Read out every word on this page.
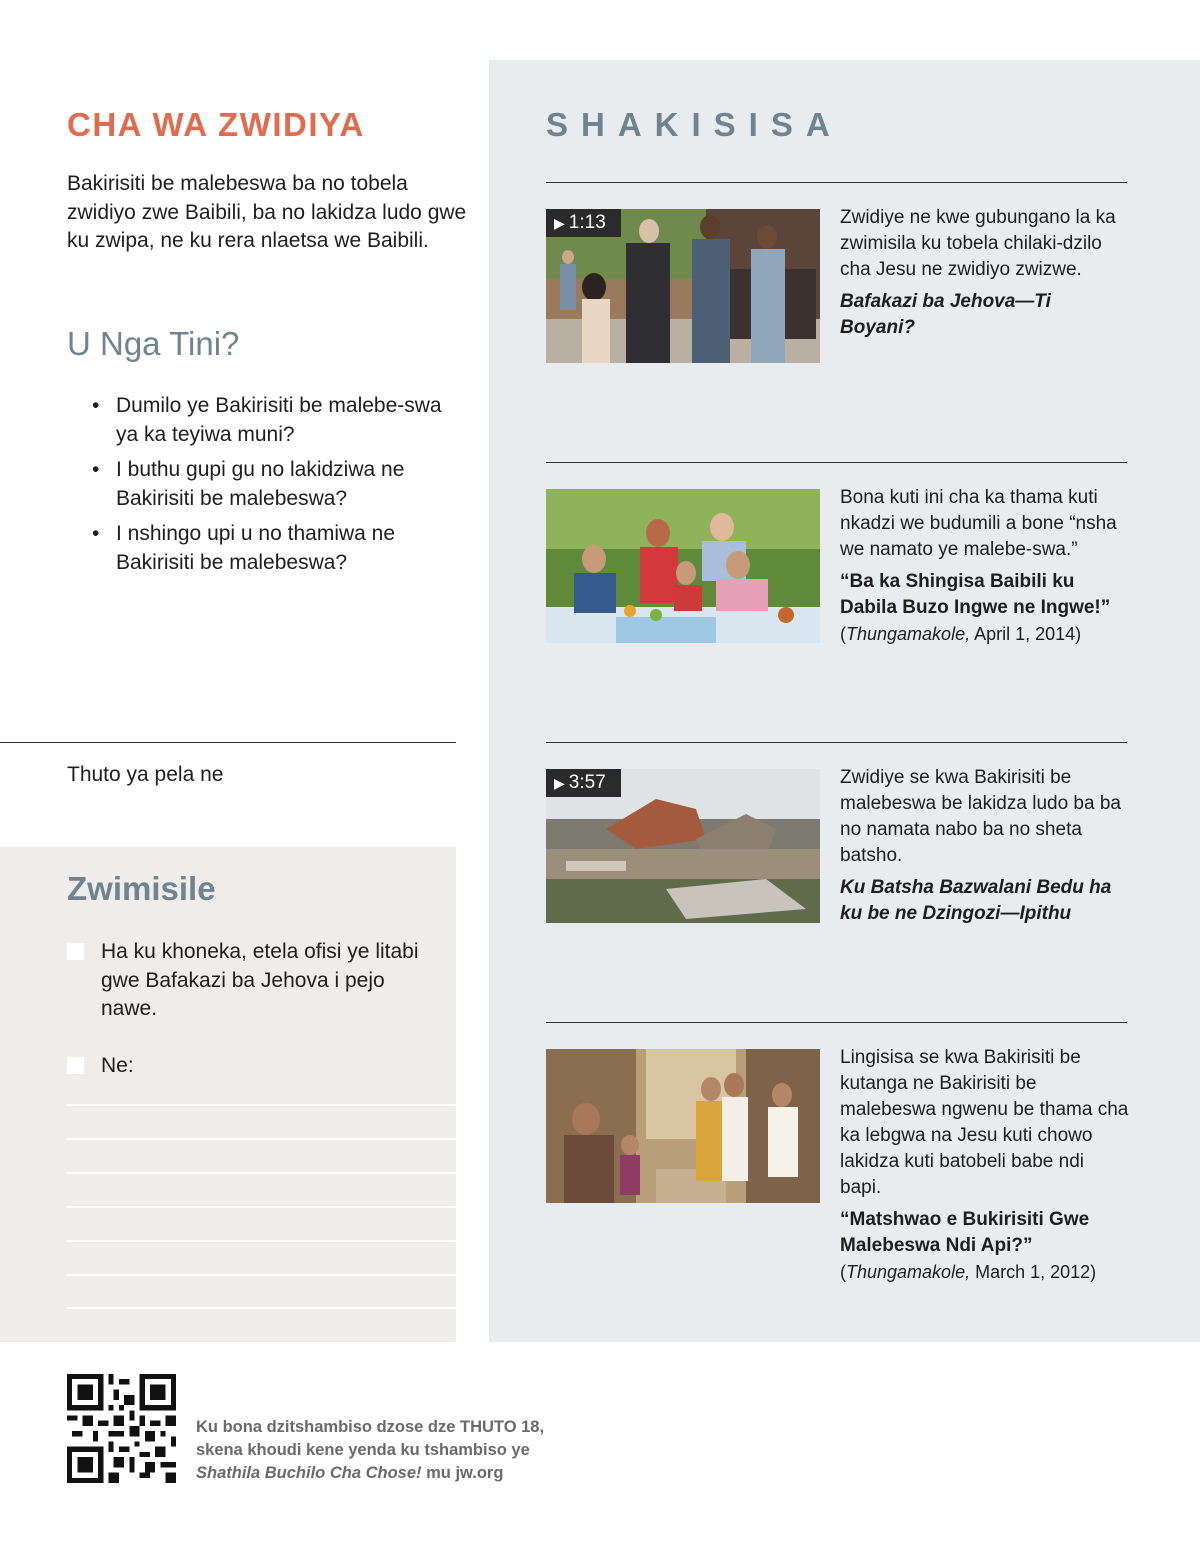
CHA WA ZWIDIYA
Bakirisiti be malebeswa ba no tobela zwidiyo zwe Baibili, ba no lakidza ludo gwe ku zwipa, ne ku rera nlaetsa we Baibili.
U Nga Tini?
• Dumilo ye Bakirisiti be malebe-swa ya ka teyiwa muni?
• I buthu gupi gu no lakidziwa ne Bakirisiti be malebeswa?
• I nshingo upi u no thamiwa ne Bakirisiti be malebeswa?
Thuto ya pela ne
Zwimisile
Ha ku khoneka, etela ofisi ye litabi gwe Bafakazi ba Jehova i pejo nawe.
Ne:
SHAKISISA
▶ 1:13	Zwidiye ne kwe gubungano la ka zwimisila ku tobela chilaki-dzilo cha Jesu ne zwidiyo zwizwe.
Bafakazi ba Jehova—Ti Boyani?
Bona kuti ini cha ka thama kuti nkadzi we budumili a bone “nsha we namato ye malebe-swa.”
“Ba ka Shingisa Baibili ku Dabila Buzo Ingwe ne Ingwe!”
(Thungamakole, April 1, 2014)
▶ 3:57	Zwidiye se kwa Bakirisiti be malebeswa be lakidza ludo ba ba no namata nabo ba no sheta batsho.
Ku Batsha Bazwalani Bedu ha ku be ne Dzingozi—Ipithu
Lingisisa se kwa Bakirisiti be kutanga ne Bakirisiti be malebeswa ngwenu be thama cha ka lebgwa na Jesu kuti chowo lakidza kuti batobeli babe ndi bapi.
“Matshwao e Bukirisiti Gwe Malebeswa Ndi Api?”
(Thungamakole, March 1, 2012)
Ku bona dzitshambiso dzose dze THUTO 18,
skena khoudi kene yenda ku tshambiso ye
Shathila Buchilo Cha Chose! mu jw.org
